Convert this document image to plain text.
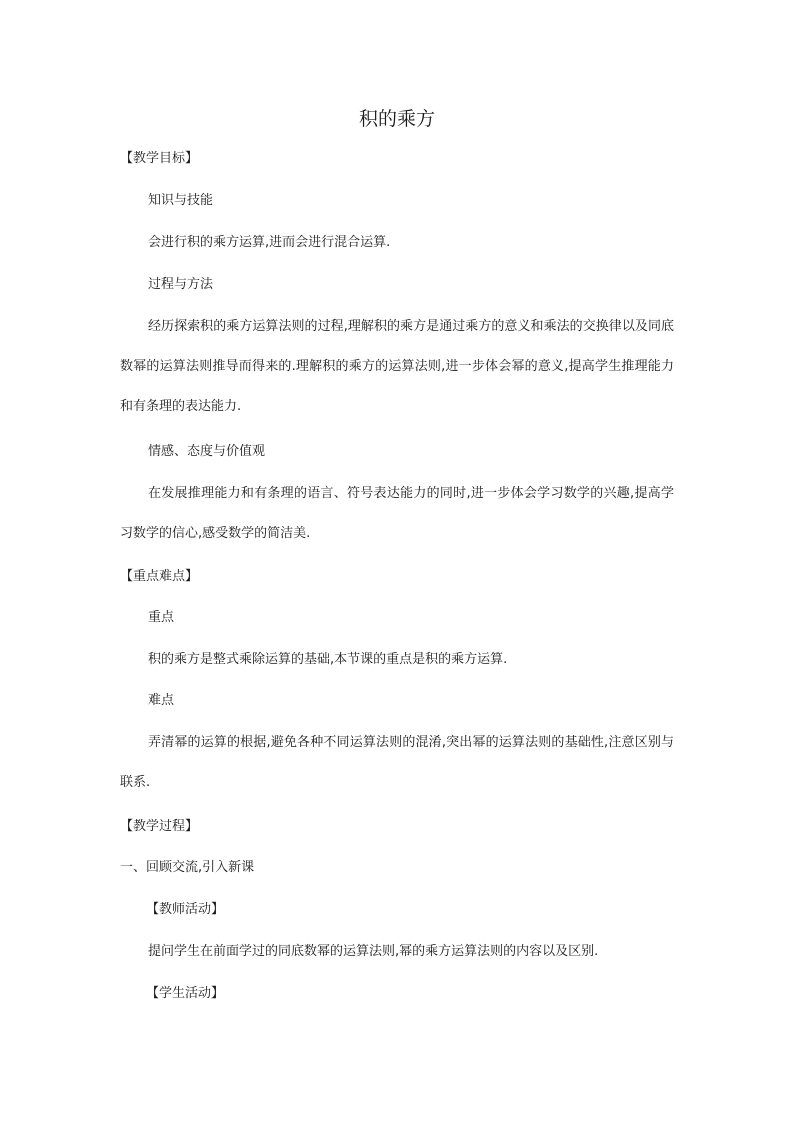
积的乘方
【教学目标】
知识与技能
会进行积的乘方运算,进而会进行混合运算.
过程与方法
经历探索积的乘方运算法则的过程,理解积的乘方是通过乘方的意义和乘法的交换律以及同底数幂的运算法则推导而得来的.理解积的乘方的运算法则,进一步体会幂的意义,提高学生推理能力和有条理的表达能力.
情感、态度与价值观
在发展推理能力和有条理的语言、符号表达能力的同时,进一步体会学习数学的兴趣,提高学习数学的信心,感受数学的简洁美.
【重点难点】
重点
积的乘方是整式乘除运算的基础,本节课的重点是积的乘方运算.
难点
弄清幂的运算的根据,避免各种不同运算法则的混淆,突出幂的运算法则的基础性,注意区别与联系.
【教学过程】
一、回顾交流,引入新课
【教师活动】
提问学生在前面学过的同底数幂的运算法则,幂的乘方运算法则的内容以及区别.
【学生活动】
